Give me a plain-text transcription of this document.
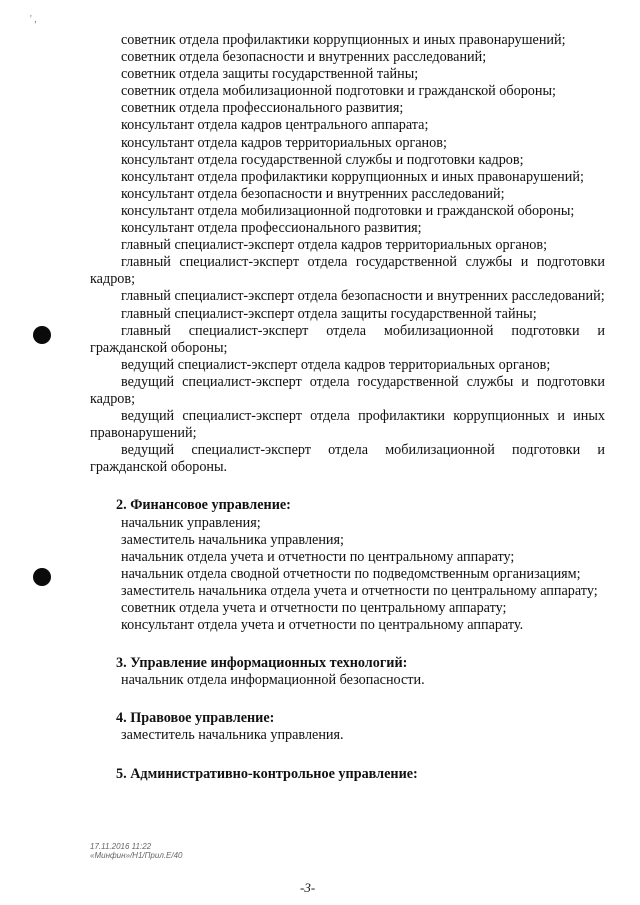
' ,

советник отдела профилактики коррупционных и иных правонарушений;

советник отдела безопасности и внутренних расследований;

советник отдела защиты государственной тайны;

советник отдела мобилизационной подготовки и гражданской обороны;

советник отдела профессионального развития;

консультант отдела кадров центрального аппарата;

консультант отдела кадров территориальных органов;

консультант отдела государственной службы и подготовки кадров;

консультант отдела профилактики коррупционных и иных правонарушений;

консультант отдела безопасности и внутренних расследований;

консультант отдела мобилизационной подготовки и гражданской обороны;

консультант отдела профессионального развития;

главный специалист-эксперт отдела кадров территориальных органов;

главный специалист-эксперт отдела государственной службы и подготовки кадров;

главный специалист-эксперт отдела безопасности и внутренних расследований;

главный специалист-эксперт отдела защиты государственной тайны;

главный специалист-эксперт отдела мобилизационной подготовки и гражданской обороны;

ведущий специалист-эксперт отдела кадров территориальных органов;

ведущий специалист-эксперт отдела государственной службы и подготовки кадров;

ведущий специалист-эксперт отдела профилактики коррупционных и иных правонарушений;

ведущий специалист-эксперт отдела мобилизационной подготовки и гражданской обороны.

2. Финансовое управление:

начальник управления;

заместитель начальника управления;

начальник отдела учета и отчетности по центральному аппарату;

начальник отдела сводной отчетности по подведомственным организациям;

заместитель начальника отдела учета и отчетности по центральному аппарату;

советник отдела учета и отчетности по центральному аппарату;

консультант отдела учета и отчетности по центральному аппарату.

3. Управление информационных технологий:

начальник отдела информационной безопасности.

4. Правовое управление:

заместитель начальника управления.

5. Административно-контрольное управление:

17.11.2016 11:22
«Минфин»/Н1/Прил.Е/40
-3-
